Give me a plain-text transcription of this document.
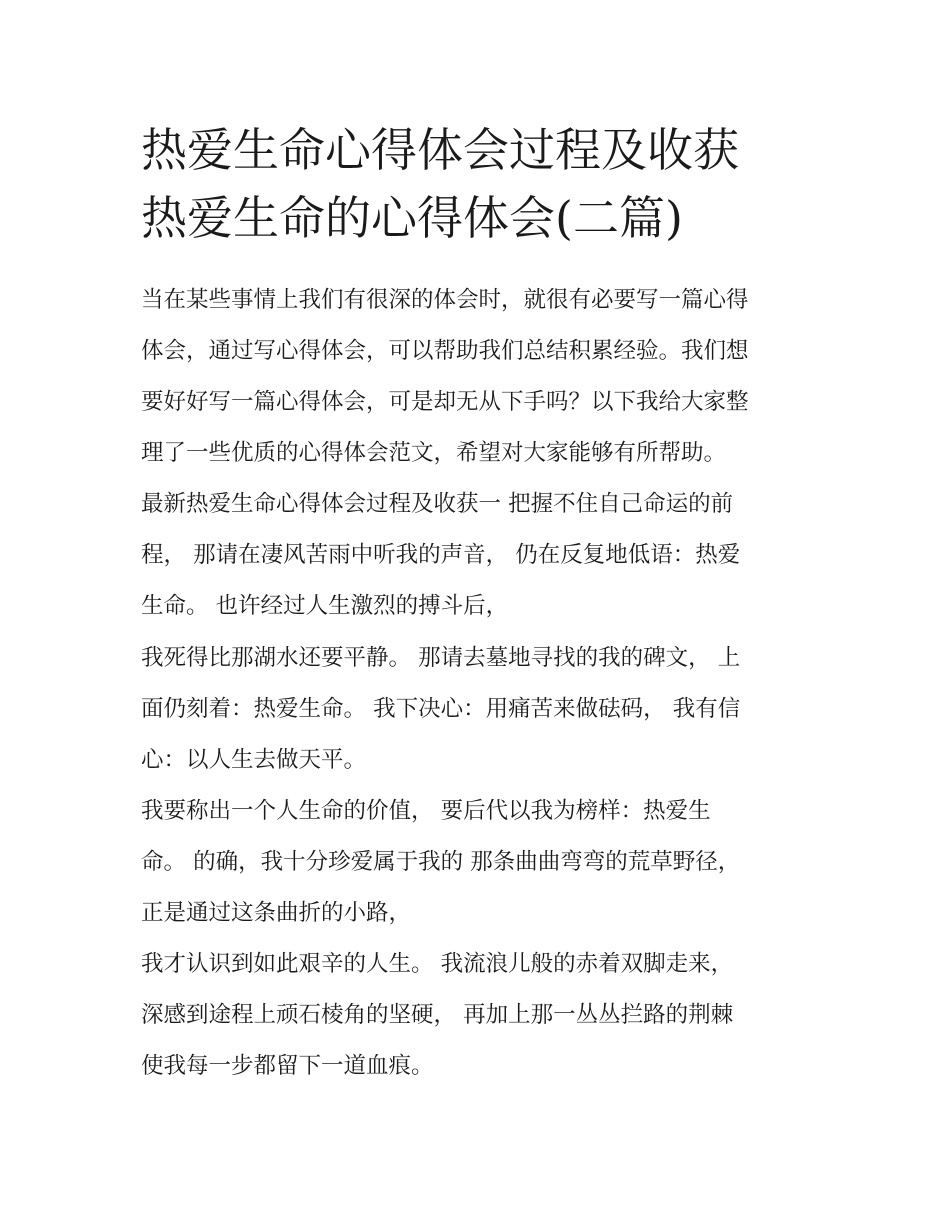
热爱生命心得体会过程及收获
热爱生命的心得体会(二篇)
当在某些事情上我们有很深的体会时，就很有必要写一篇心得
体会，通过写心得体会，可以帮助我们总结积累经验。我们想
要好好写一篇心得体会，可是却无从下手吗？以下我给大家整
理了一些优质的心得体会范文，希望对大家能够有所帮助。
最新热爱生命心得体会过程及收获一 把握不住自己命运的前
程， 那请在凄风苦雨中听我的声音， 仍在反复地低语：热爱
生命。 也许经过人生激烈的搏斗后，
我死得比那湖水还要平静。 那请去墓地寻找的我的碑文， 上
面仍刻着：热爱生命。 我下决心：用痛苦来做砝码， 我有信
心：以人生去做天平。
我要称出一个人生命的价值， 要后代以我为榜样：热爱生
命。 的确，我十分珍爱属于我的 那条曲曲弯弯的荒草野径，
正是通过这条曲折的小路，
我才认识到如此艰辛的人生。 我流浪儿般的赤着双脚走来，
深感到途程上顽石棱角的坚硬， 再加上那一丛丛拦路的荆棘
使我每一步都留下一道血痕。
